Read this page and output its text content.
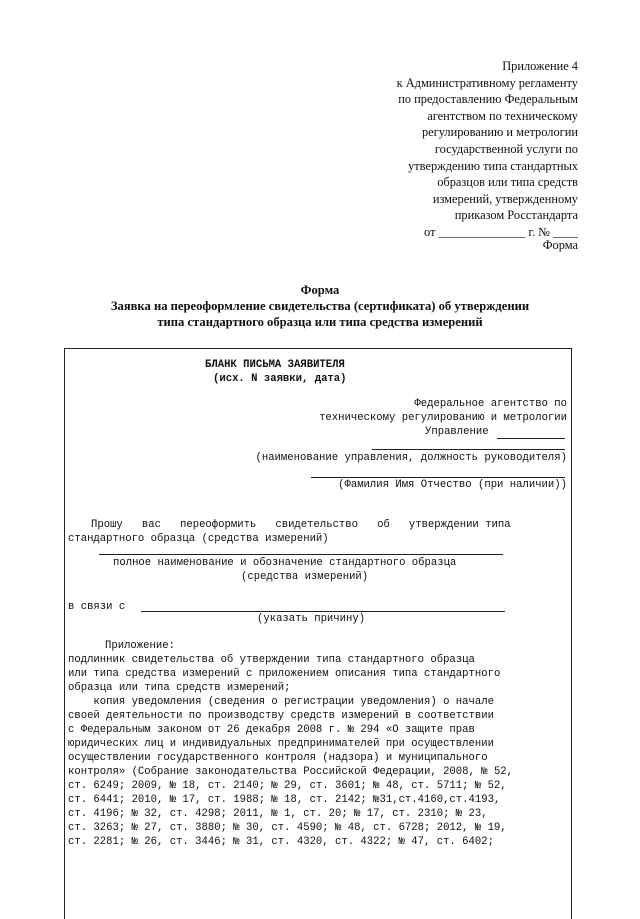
Приложение 4
к Административному регламенту
по предоставлению Федеральным
агентством по техническому
регулированию и метрологии
государственной услуги по
утверждению типа стандартных
образцов или типа средств
измерений, утвержденному
приказом Росстандарта
от ______________ г. № ____
Форма
Форма
Заявка на переоформление свидетельства (сертификата) об утверждении
типа стандартного образца или типа средства измерений
БЛАНК ПИСЬМА ЗАЯВИТЕЛЯ
(исх. N заявки, дата)
Федеральное агентство по
техническому регулированию и метрологии
Управление
(наименование управления, должность руководителя)
(Фамилия Имя Отчество (при наличии))
Прошу   вас   переоформить   свидетельство   об   утверждении типа
стандартного образца (средства измерений)
полное наименование и обозначение стандартного образца
(средства измерений)
в связи с
(указать причину)
Приложение:
подлинник свидетельства об утверждении типа стандартного образца
или типа средства измерений с приложением описания типа стандартного
образца или типа средств измерений;
копия уведомления (сведения о регистрации уведомления) о начале
своей деятельности по производству средств измерений в соответствии
с Федеральным законом от 26 декабря 2008 г. № 294 «О защите прав
юридических лиц и индивидуальных предпринимателей при осуществлении
осуществлении государственного контроля (надзора) и муниципального
контроля» (Собрание законодательства Российской Федерации, 2008, № 52,
ст. 6249; 2009, № 18, ст. 2140; № 29, ст. 3601; № 48, ст. 5711; № 52,
ст. 6441; 2010, № 17, ст. 1988; № 18, ст. 2142; №31,ст.4160,ст.4193,
ст. 4196; № 32, ст. 4298; 2011, № 1, ст. 20; № 17, ст. 2310; № 23,
ст. 3263; № 27, ст. 3880; № 30, ст. 4590; № 48, ст. 6728; 2012, № 19,
ст. 2281; № 26, ст. 3446; № 31, ст. 4320, ст. 4322; № 47, ст. 6402;
